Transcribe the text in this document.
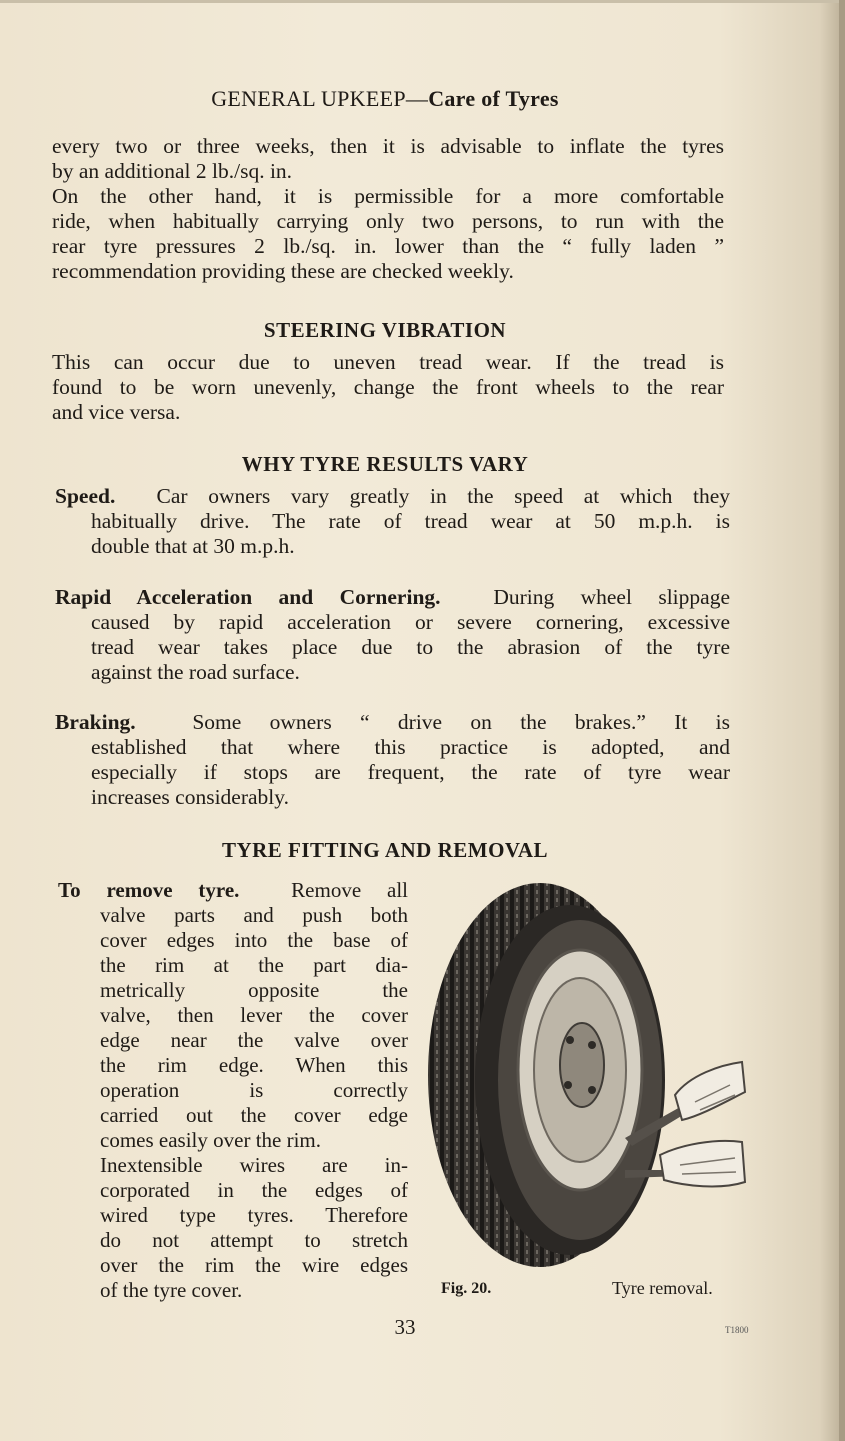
GENERAL UPKEEP—Care of Tyres
every two or three weeks, then it is advisable to inflate the tyres
by an additional 2 lb./sq. in.
On the other hand, it is permissible for a more comfortable
ride, when habitually carrying only two persons, to run with the
rear tyre pressures 2 lb./sq. in. lower than the “ fully laden ”
recommendation providing these are checked weekly.
STEERING VIBRATION
This can occur due to uneven tread wear. If the tread is
found to be worn unevenly, change the front wheels to the rear
and vice versa.
WHY TYRE RESULTS VARY
Speed. Car owners vary greatly in the speed at which they
habitually drive. The rate of tread wear at 50 m.p.h. is
double that at 30 m.p.h.
Rapid Acceleration and Cornering. During wheel slippage
caused by rapid acceleration or severe cornering, excessive
tread wear takes place due to the abrasion of the tyre
against the road surface.
Braking.	Some owners “ drive on the brakes.” It is
established that where this practice is adopted, and
especially if stops are frequent, the rate of tyre wear
increases considerably.
TYRE FITTING AND REMOVAL
To remove tyre. Remove all
valve parts and push both
cover edges into the base of
the rim at the part dia-
metrically opposite the
valve, then lever the cover
edge near the valve over
the rim edge. When this
operation is correctly
carried out the cover edge
comes easily over the rim.
Inextensible wires are in-
corporated in the edges of
wired type tyres. Therefore
do not attempt to stretch
over the rim the wire edges
of the tyre cover.	Fig. 20.	Tyre removal.
33	T1800
